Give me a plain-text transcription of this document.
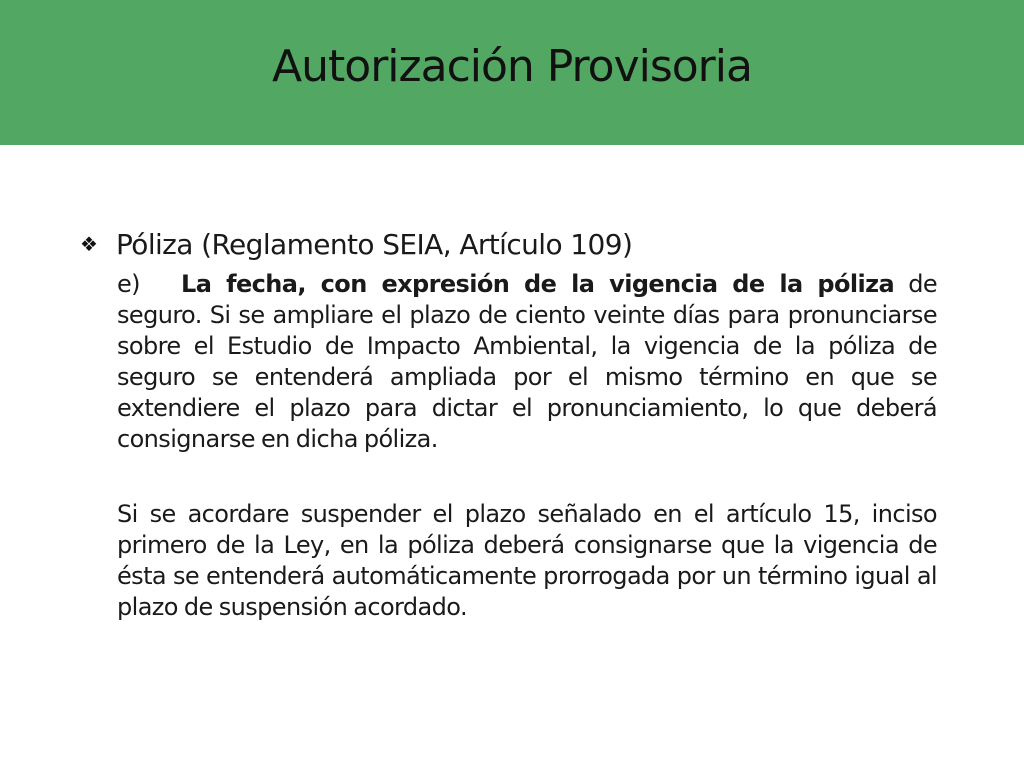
Autorización Provisoria
❖ Póliza (Reglamento SEIA, Artículo 109)

e) La fecha, con expresión de la vigencia de la póliza de seguro. Si se ampliare el plazo de ciento veinte días para pronunciarse sobre el Estudio de Impacto Ambiental, la vigencia de la póliza de seguro se entenderá ampliada por el mismo término en que se extendiere el plazo para dictar el pronunciamiento, lo que deberá consignarse en dicha póliza.

Si se acordare suspender el plazo señalado en el artículo 15, inciso primero de la Ley, en la póliza deberá consignarse que la vigencia de ésta se entenderá automáticamente prorrogada por un término igual al plazo de suspensión acordado.
